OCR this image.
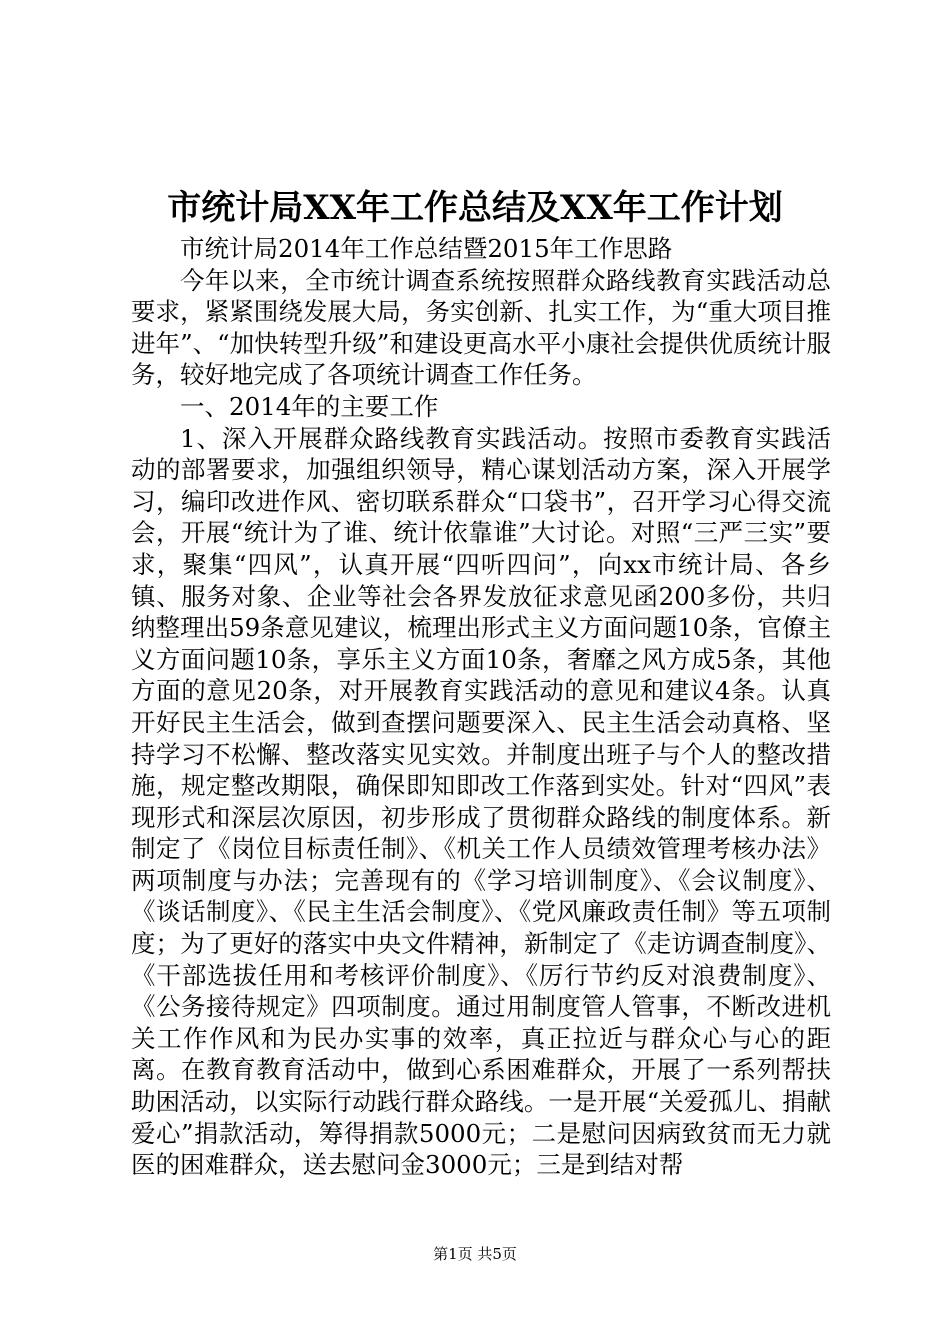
市统计局XX年工作总结及XX年工作计划

市统计局2014年工作总结暨2015年工作思路

今年以来，全市统计调查系统按照群众路线教育实践活动总要求，紧紧围绕发展大局，务实创新、扎实工作，为“重大项目推进年”、“加快转型升级”和建设更高水平小康社会提供优质统计服务，较好地完成了各项统计调查工作任务。

一、2014年的主要工作

1、深入开展群众路线教育实践活动。按照市委教育实践活动的部署要求，加强组织领导，精心谋划活动方案，深入开展学习，编印改进作风、密切联系群众“口袋书”，召开学习心得交流会，开展“统计为了谁、统计依靠谁”大讨论。对照“三严三实”要求，聚集“四风”，认真开展“四听四问”，向xx市统计局、各乡镇、服务对象、企业等社会各界发放征求意见函200多份，共归纳整理出59条意见建议，梳理出形式主义方面问题10条，官僚主义方面问题10条，享乐主义方面10条，奢靡之风方成5条，其他方面的意见20条，对开展教育实践活动的意见和建议4条。认真开好民主生活会，做到查摆问题要深入、民主生活会动真格、坚持学习不松懈、整改落实见实效。并制度出班子与个人的整改措施，规定整改期限，确保即知即改工作落到实处。针对“四风”表现形式和深层次原因，初步形成了贯彻群众路线的制度体系。新制定了《岗位目标责任制》、《机关工作人员绩效管理考核办法》两项制度与办法；完善现有的《学习培训制度》、《会议制度》、《谈话制度》、《民主生活会制度》、《党风廉政责任制》等五项制度；为了更好的落实中央文件精神，新制定了《走访调查制度》、《干部选拔任用和考核评价制度》、《厉行节约反对浪费制度》、《公务接待规定》四项制度。通过用制度管人管事，不断改进机关工作作风和为民办实事的效率，真正拉近与群众心与心的距离。在教育教育活动中，做到心系困难群众，开展了一系列帮扶助困活动，以实际行动践行群众路线。一是开展“关爱孤儿、捐献爱心”捐款活动，筹得捐款5000元；二是慰问因病致贫而无力就医的困难群众，送去慰问金3000元；三是到结对帮

第1页 共5页
